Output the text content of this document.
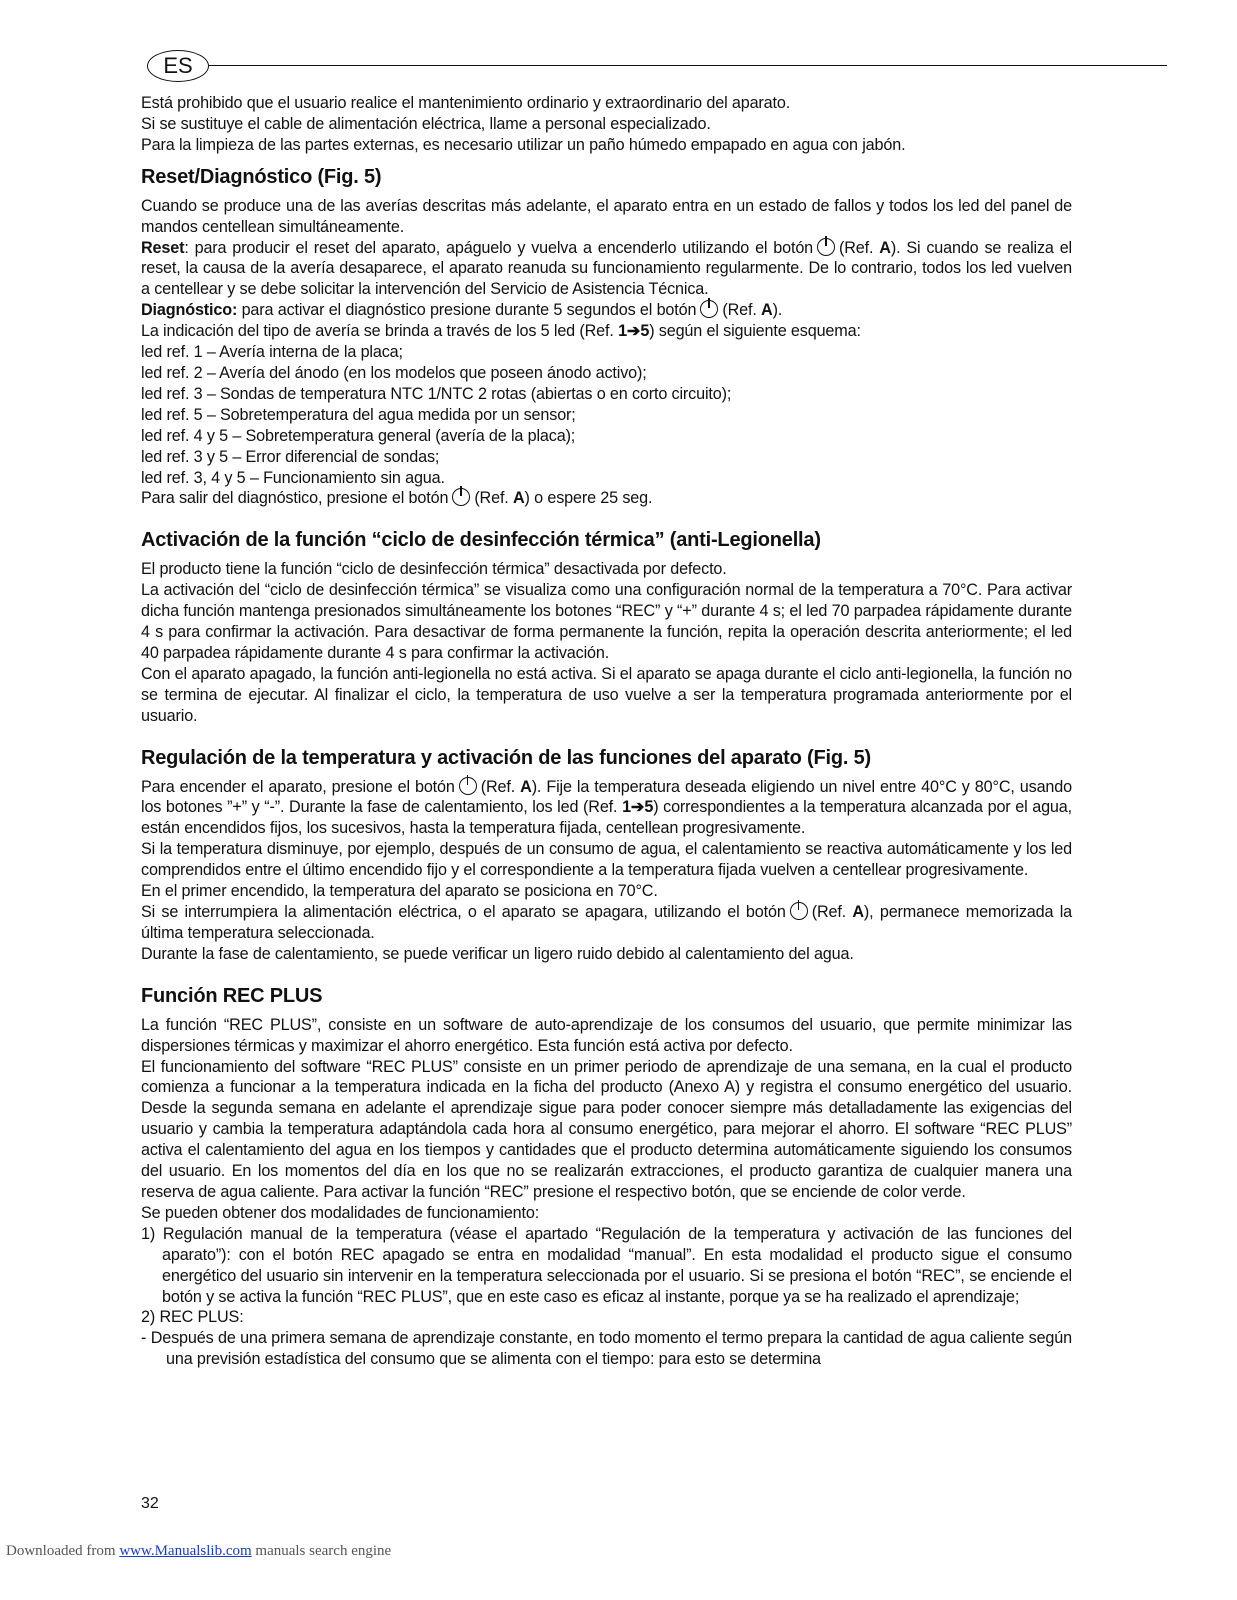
ES

Está prohibido que el usuario realice el mantenimiento ordinario y extraordinario del aparato.

Si se sustituye el cable de alimentación eléctrica, llame a personal especializado.

Para la limpieza de las partes externas, es necesario utilizar un paño húmedo empapado en agua con jabón.

Reset/Diagnóstico (Fig. 5)

Cuando se produce una de las averías descritas más adelante, el aparato entra en un estado de fallos y todos los led del panel de mandos centellean simultáneamente.

Reset: para producir el reset del aparato, apáguelo y vuelva a encenderlo utilizando el botón (Ref. A). Si cuando se realiza el reset, la causa de la avería desaparece, el aparato reanuda su funcionamiento regularmente. De lo contrario, todos los led vuelven a centellear y se debe solicitar la intervención del Servicio de Asistencia Técnica.

Diagnóstico: para activar el diagnóstico presione durante 5 segundos el botón (Ref. A).

La indicación del tipo de avería se brinda a través de los 5 led (Ref. 1➔5) según el siguiente esquema:

led ref. 1 – Avería interna de la placa;

led ref. 2 – Avería del ánodo (en los modelos que poseen ánodo activo);

led ref. 3 – Sondas de temperatura NTC 1/NTC 2 rotas (abiertas o en corto circuito);

led ref. 5 – Sobretemperatura del agua medida por un sensor;

led ref. 4 y 5 – Sobretemperatura general (avería de la placa);

led ref. 3 y 5 – Error diferencial de sondas;

led ref. 3, 4 y 5 – Funcionamiento sin agua.

Para salir del diagnóstico, presione el botón (Ref. A) o espere 25 seg.

Activación de la función “ciclo de desinfección térmica” (anti-Legionella)

El producto tiene la función “ciclo de desinfección térmica” desactivada por defecto.

La activación del “ciclo de desinfección térmica” se visualiza como una configuración normal de la temperatura a 70°C. Para activar dicha función mantenga presionados simultáneamente los botones “REC” y “+” durante 4 s; el led 70 parpadea rápidamente durante 4 s para confirmar la activación. Para desactivar de forma permanente la función, repita la operación descrita anteriormente; el led 40 parpadea rápidamente durante 4 s para confirmar la activación.

Con el aparato apagado, la función anti-legionella no está activa. Si el aparato se apaga durante el ciclo anti-legionella, la función no se termina de ejecutar. Al finalizar el ciclo, la temperatura de uso vuelve a ser la temperatura programada anteriormente por el usuario.

Regulación de la temperatura y activación de las funciones del aparato (Fig. 5)

Para encender el aparato, presione el botón (Ref. A). Fije la temperatura deseada eligiendo un nivel entre 40°C y 80°C, usando los botones ”+” y “-”. Durante la fase de calentamiento, los led (Ref. 1➔5) correspondientes a la temperatura alcanzada por el agua, están encendidos fijos, los sucesivos, hasta la temperatura fijada, centellean progresivamente.

Si la temperatura disminuye, por ejemplo, después de un consumo de agua, el calentamiento se reactiva automáticamente y los led comprendidos entre el último encendido fijo y el correspondiente a la temperatura fijada vuelven a centellear progresivamente.

En el primer encendido, la temperatura del aparato se posiciona en 70°C.

Si se interrumpiera la alimentación eléctrica, o el aparato se apagara, utilizando el botón (Ref. A), permanece memorizada la última temperatura seleccionada.

Durante la fase de calentamiento, se puede verificar un ligero ruido debido al calentamiento del agua.

Función REC PLUS

La función “REC PLUS”, consiste en un software de auto-aprendizaje de los consumos del usuario, que permite minimizar las dispersiones térmicas y maximizar el ahorro energético. Esta función está activa por defecto.

El funcionamiento del software “REC PLUS” consiste en un primer periodo de aprendizaje de una semana, en la cual el producto comienza a funcionar a la temperatura indicada en la ficha del producto (Anexo A) y registra el consumo energético del usuario. Desde la segunda semana en adelante el aprendizaje sigue para poder conocer siempre más detalladamente las exigencias del usuario y cambia la temperatura adaptándola cada hora al consumo energético, para mejorar el ahorro. El software “REC PLUS” activa el calentamiento del agua en los tiempos y cantidades que el producto determina automáticamente siguiendo los consumos del usuario. En los momentos del día en los que no se realizarán extracciones, el producto garantiza de cualquier manera una reserva de agua caliente. Para activar la función “REC” presione el respectivo botón, que se enciende de color verde.

Se pueden obtener dos modalidades de funcionamiento:

1) Regulación manual de la temperatura (véase el apartado “Regulación de la temperatura y activación de las funciones del aparato”): con el botón REC apagado se entra en modalidad “manual”. En esta modalidad el producto sigue el consumo energético del usuario sin intervenir en la temperatura seleccionada por el usuario. Si se presiona el botón “REC”, se enciende el botón y se activa la función “REC PLUS”, que en este caso es eficaz al instante, porque ya se ha realizado el aprendizaje;

2) REC PLUS:

- Después de una primera semana de aprendizaje constante, en todo momento el termo prepara la cantidad de agua caliente según una previsión estadística del consumo que se alimenta con el tiempo: para esto se determina

32
Downloaded from www.Manualslib.com manuals search engine
